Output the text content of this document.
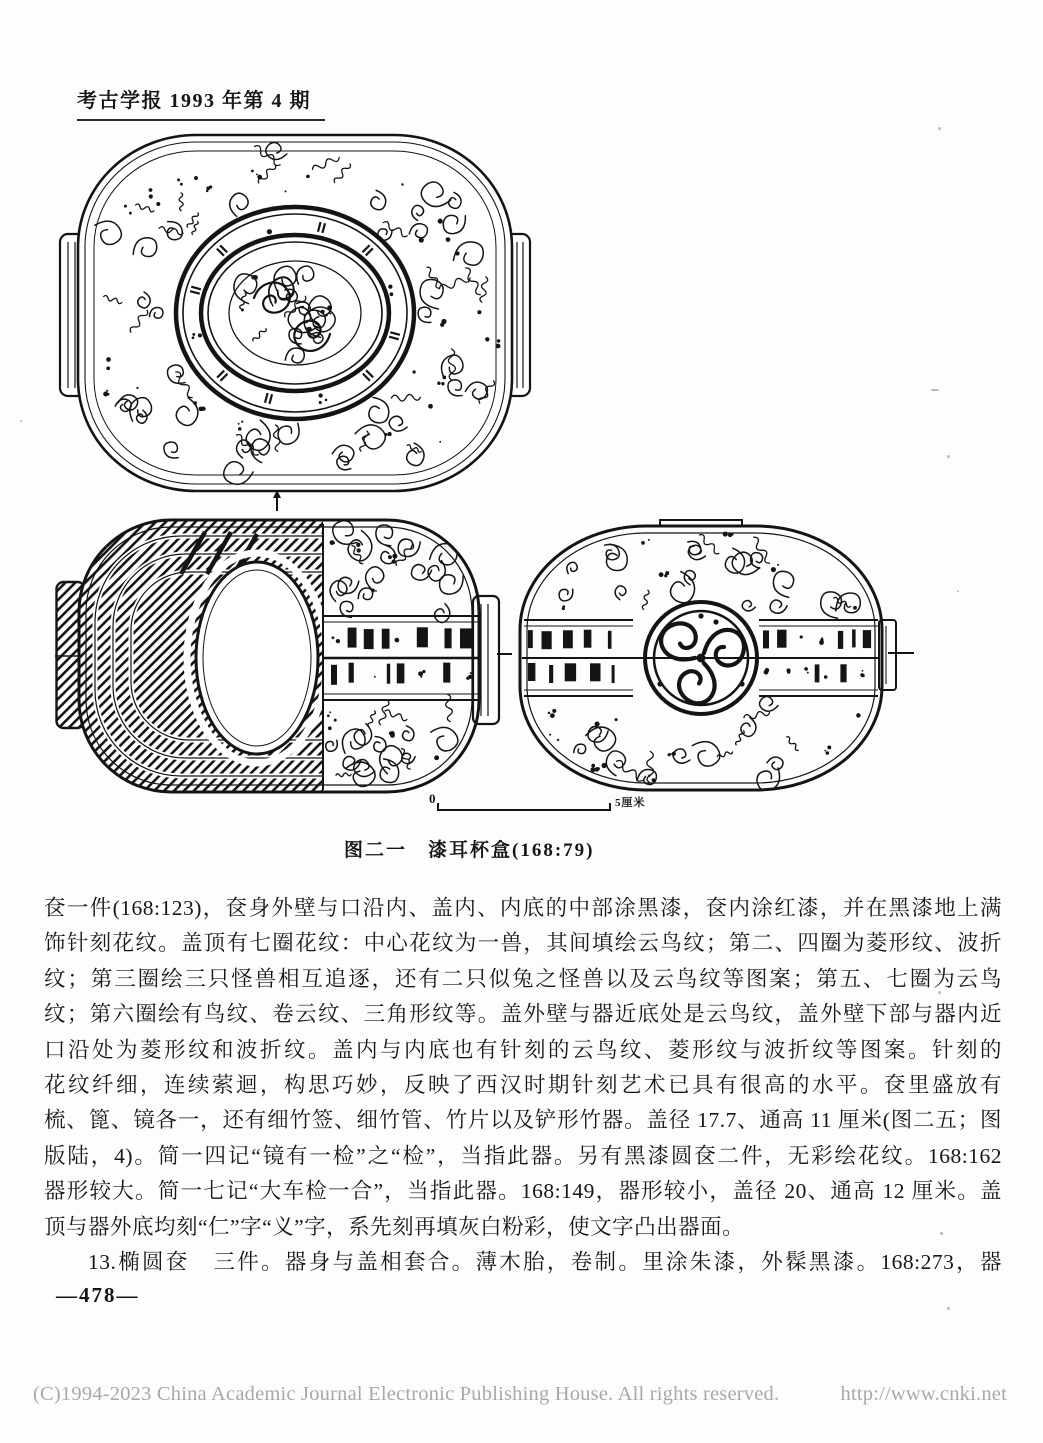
考古学报 1993 年第 4 期
0	5厘米
图二一　漆耳杯盒(168:79)
奁一件(168:123)，奁身外壁与口沿内、盖内、内底的中部涂黑漆，奁内涂红漆，并在黑漆地上满
饰针刻花纹。盖顶有七圈花纹：中心花纹为一兽，其间填绘云鸟纹；第二、四圈为菱形纹、波折
纹；第三圈绘三只怪兽相互追逐，还有二只似兔之怪兽以及云鸟纹等图案；第五、七圈为云鸟
纹；第六圈绘有鸟纹、卷云纹、三角形纹等。盖外壁与器近底处是云鸟纹，盖外壁下部与器内近
口沿处为菱形纹和波折纹。盖内与内底也有针刻的云鸟纹、菱形纹与波折纹等图案。针刻的
花纹纤细，连续萦迴，构思巧妙，反映了西汉时期针刻艺术已具有很高的水平。奁里盛放有
梳、篦、镜各一，还有细竹签、细竹管、竹片以及铲形竹器。盖径 17.7、通高 11 厘米(图二五；图
版陆，4)。简一四记“镜有一检”之“检”，当指此器。另有黑漆圆奁二件，无彩绘花纹。168:162
器形较大。简一七记“大车检一合”，当指此器。168:149，器形较小，盖径 20、通高 12 厘米。盖
顶与器外底均刻“仁”字“义”字，系先刻再填灰白粉彩，使文字凸出器面。
13.椭圆奁　三件。器身与盖相套合。薄木胎，卷制。里涂朱漆，外髹黑漆。168:273，器
—478—
(C)1994-2023 China Academic Journal Electronic Publishing House. All rights reserved.	http://www.cnki.net
